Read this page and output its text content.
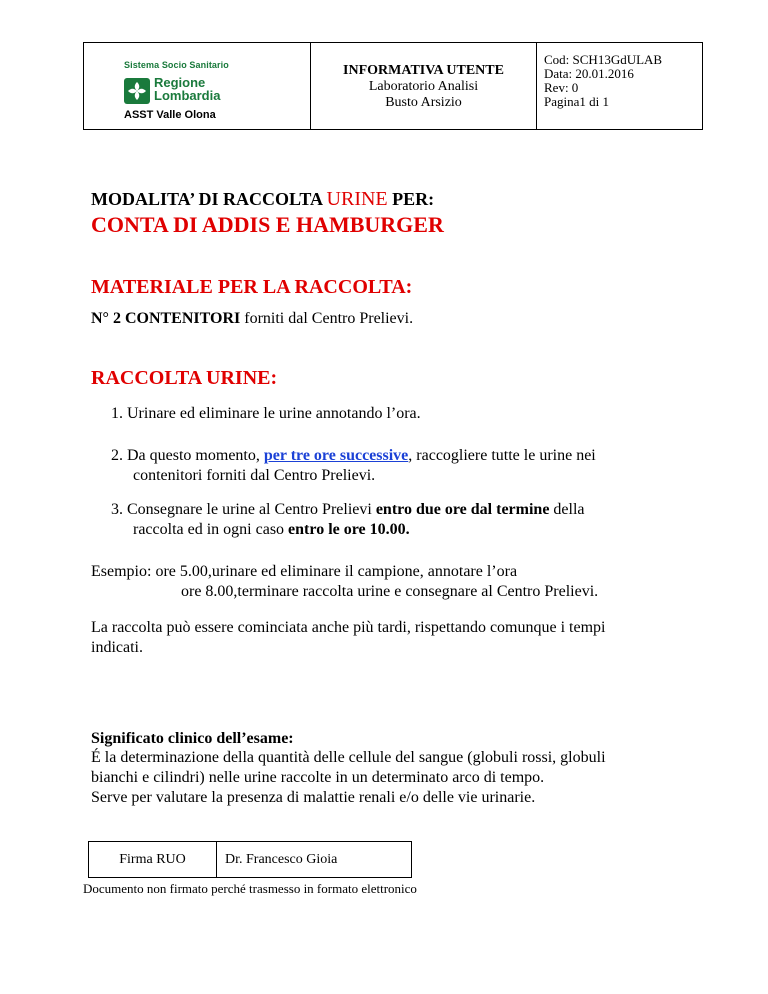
Sistema Socio Sanitario
Regione
Lombardia
ASST Valle Olona
INFORMATIVA UTENTE
Laboratorio Analisi
Busto Arsizio
Cod: SCH13GdULAB
Data: 20.01.2016
Rev: 0
Pagina1 di 1
MODALITA’ DI RACCOLTA URINE PER:
CONTA DI ADDIS E HAMBURGER
MATERIALE PER LA RACCOLTA:
N° 2 CONTENITORI forniti dal Centro Prelievi.
RACCOLTA URINE:
1. Urinare ed eliminare le urine annotando l’ora.
2. Da questo momento, per tre ore successive, raccogliere tutte le urine nei
contenitori forniti dal Centro Prelievi.
3. Consegnare le urine al Centro Prelievi entro due ore dal termine della
raccolta ed in ogni caso entro le ore 10.00.
Esempio: ore 5.00,urinare ed eliminare il campione, annotare l’ora
ore 8.00,terminare raccolta urine e consegnare al Centro Prelievi.
La raccolta può essere cominciata anche più tardi, rispettando comunque i tempi
indicati.
Significato clinico dell’esame:
É la determinazione della quantità delle cellule del sangue (globuli rossi, globuli
bianchi e cilindri) nelle urine raccolte in un determinato arco di tempo.
Serve per valutare la presenza di malattie renali e/o delle vie urinarie.
Firma RUO	Dr. Francesco Gioia
Documento non firmato perché trasmesso in formato elettronico
